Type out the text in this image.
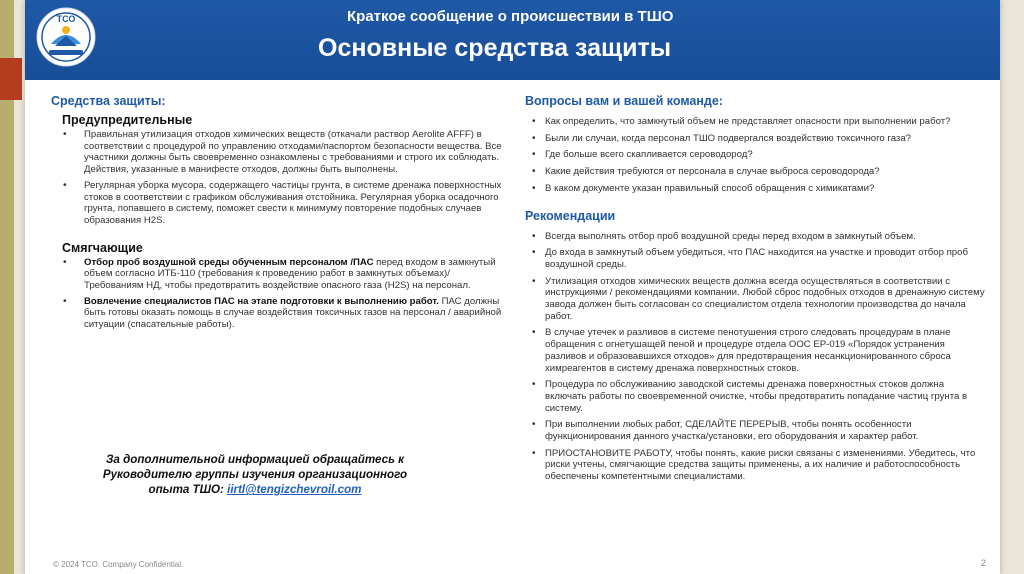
ТСО	Краткое сообщение о происшествии в ТШО
Основные средства защиты

Средства защиты:

Предупредительные

• Правильная утилизация отходов химических веществ (откачали раствор Aerolite AFFF) в соответствии с процедурой по управлению отходами/паспортом безопасности вещества. Все участники должны быть своевременно ознакомлены с требованиями и строго их соблюдать. Действия, указанные в манифесте отходов, должны быть выполнены.
• Регулярная уборка мусора, содержащего частицы грунта, в системе дренажа поверхностных стоков в соответствии с графиком обслуживания отстойника. Регулярная уборка осадочного грунта, попавшего в систему, поможет свести к минимуму повторение подобных случаев образования H2S.

Смягчающие

• Отбор проб воздушной среды обученным персоналом /ПАС перед входом в замкнутый объем согласно ИТБ-110 (требования к проведению работ в замкнутых объемах)/ Требованиям НД, чтобы предотвратить воздействие опасного газа (H2S) на персонал.
• Вовлечение специалистов ПАС на этапе подготовки к выполнению работ. ПАС должны быть готовы оказать помощь в случае воздействия токсичных газов на персонал / аварийной ситуации (спасательные работы).
За дополнительной информацией обращайтесь к
Руководителю группы изучения организационного
опыта ТШО: iirtl@tengizchevroil.com

Вопросы вам и вашей команде:

• Как определить, что замкнутый объем не представляет опасности при выполнении работ?
• Были ли случаи, когда персонал ТШО подвергался воздействию токсичного газа?
• Где больше всего скапливается сероводород?
• Какие действия требуются от персонала в случае выброса сероводорода?
• В каком документе указан правильный способ обращения с химикатами?

Рекомендации

• Всегда выполнять отбор проб воздушной среды перед входом в замкнутый объем.
• До входа в замкнутый объем убедиться, что ПАС находится на участке и проводит отбор проб воздушной среды.
• Утилизация отходов химических веществ должна всегда осуществляться в соответствии с инструкциями / рекомендациями компании. Любой сброс подобных отходов в дренажную систему завода должен быть согласован со специалистом отдела технологии производства до начала работ.
• В случае утечек и разливов в системе пенотушения строго следовать процедурам в плане обращения с огнетушащей пеной и процедуре отдела ООС EP-019 «Порядок устранения разливов и образовавшихся отходов» для предотвращения несанкционированного сброса химреагентов в систему дренажа поверхностных стоков.
• Процедура по обслуживанию заводской системы дренажа поверхностных стоков должна включать работы по своевременной очистке, чтобы предотвратить попадание частиц грунта в систему.
• При выполнении любых работ, СДЕЛАЙТЕ ПЕРЕРЫВ, чтобы понять особенности функционирования данного участка/установки, его оборудования и характер работ.
• ПРИОСТАНОВИТЕ РАБОТУ, чтобы понять, какие риски связаны с изменениями. Убедитесь, что риски учтены, смягчающие средства защиты применены, а их наличие и работоспособность обеспечены компетентными специалистами.
© 2024 TCO. Company Confidential.	2
